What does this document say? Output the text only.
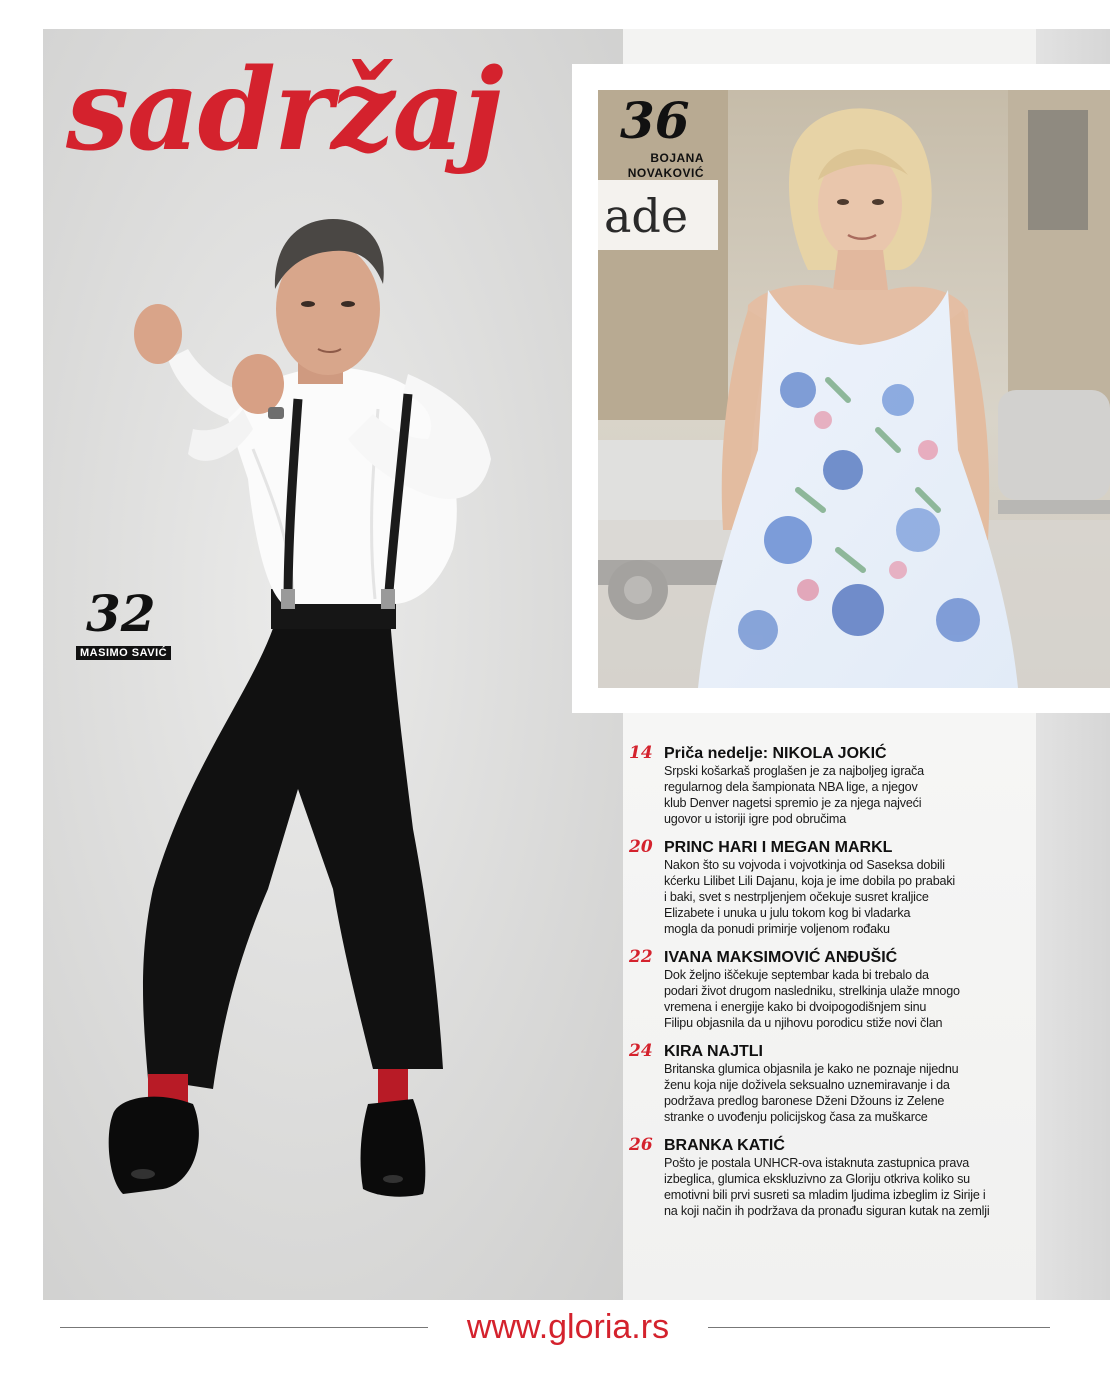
sadržaj
32
MASIMO SAVIĆ
ade
36
BOJANA
NOVAKOVIĆ
14 Priča nedelje: NIKOLA JOKIĆ
Srpski košarkaš proglašen je za najboljeg igrača
regularnog dela šampionata NBA lige, a njegov
klub Denver nagetsi spremio je za njega najveći
ugovor u istoriji igre pod obručima
20 PRINC HARI I MEGAN MARKL
Nakon što su vojvoda i vojvotkinja od Saseksa dobili
kćerku Lilibet Lili Dajanu, koja je ime dobila po prabaki
i baki, svet s nestrpljenjem očekuje susret kraljice
Elizabete i unuka u julu tokom kog bi vladarka
mogla da ponudi primirje voljenom rođaku
22 IVANA MAKSIMOVIĆ ANĐUŠIĆ
Dok željno iščekuje septembar kada bi trebalo da
podari život drugom nasledniku, strelkinja ulaže mnogo
vremena i energije kako bi dvoipogodišnjem sinu
Filipu objasnila da u njihovu porodicu stiže novi član
24 KIRA NAJTLI
Britanska glumica objasnila je kako ne poznaje nijednu
ženu koja nije doživela seksualno uznemiravanje i da
podržava predlog baronese Dženi Džouns iz Zelene
stranke o uvođenju policijskog časa za muškarce
26 BRANKA KATIĆ
Pošto je postala UNHCR-ova istaknuta zastupnica prava
izbeglica, glumica ekskluzivno za Gloriju otkriva koliko su
emotivni bili prvi susreti sa mladim ljudima izbeglim iz Sirije i
na koji način ih podržava da pronađu siguran kutak na zemlji
www.gloria.rs
